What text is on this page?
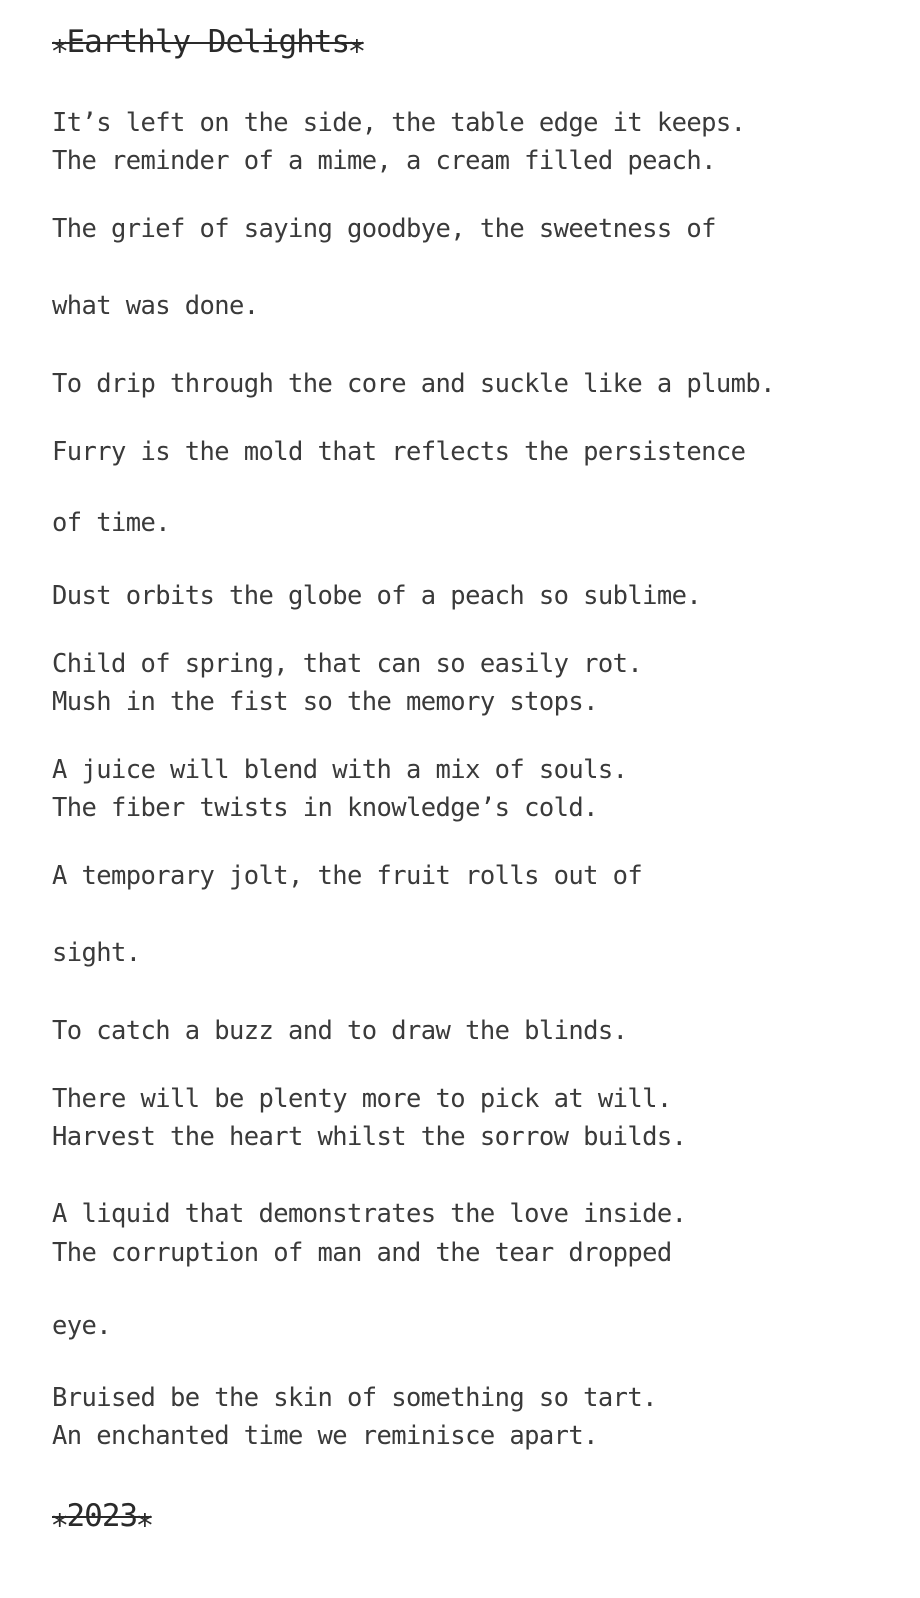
⁎Earthly Delights⁎
It’s left on the side, the table edge it keeps.
The reminder of a mime, a cream filled peach.
The grief of saying goodbye, the sweetness of
what was done.
To drip through the core and suckle like a plumb.
Furry is the mold that reflects the persistence
of time.
Dust orbits the globe of a peach so sublime.
Child of spring, that can so easily rot.
Mush in the fist so the memory stops.
A juice will blend with a mix of souls.
The fiber twists in knowledge’s cold.
A temporary jolt, the fruit rolls out of
sight.
To catch a buzz and to draw the blinds.
There will be plenty more to pick at will.
Harvest the heart whilst the sorrow builds.
A liquid that demonstrates the love inside.
The corruption of man and the tear dropped
eye.
Bruised be the skin of something so tart.
An enchanted time we reminisce apart.
⁎2023⁎
